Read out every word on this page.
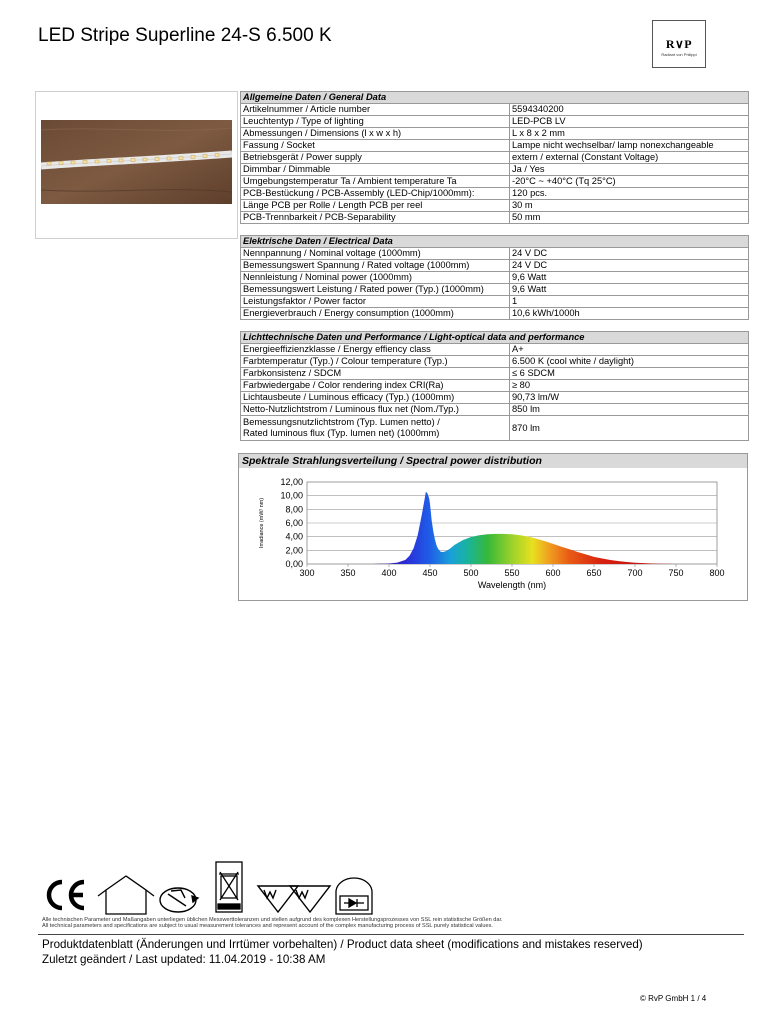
LED Stripe Superline 24-S 6.500 K	R∨P
Radiant von Philippi
Allgemeine Daten / General Data	
Artikelnummer / Article number	5594340200
Leuchtentyp / Type of lighting	LED-PCB LV
Abmessungen / Dimensions (l x w x h)	L x 8 x 2 mm
Fassung / Socket	Lampe nicht wechselbar/ lamp nonexchangeable
Betriebsgerät / Power supply	extern / external (Constant Voltage)
Dimmbar / Dimmable	Ja / Yes
Umgebungstemperatur Ta / Ambient temperature Ta	-20°C ~ +40°C (Tq 25°C)
PCB-Bestückung / PCB-Assembly (LED-Chip/1000mm):	120 pcs.
Länge PCB per Rolle / Length PCB per reel	30 m
PCB-Trennbarkeit / PCB-Separability	50 mm
Elektrische Daten / Electrical Data	
Nennpannung / Nominal voltage (1000mm)	24 V DC
Bemessungswert Spannung / Rated voltage (1000mm)	24 V DC
Nennleistung / Nominal power (1000mm)	9,6 Watt
Bemessungswert Leistung / Rated power (Typ.) (1000mm)	9,6 Watt
Leistungsfaktor / Power factor	1
Energieverbrauch / Energy consumption (1000mm)	10,6 kWh/1000h
Lichttechnische Daten und Performance / Light-optical data and performance	
Energieeffizienzklasse / Energy effiency class	A+
Farbtemperatur (Typ.) / Colour temperature (Typ.)	6.500 K (cool white / daylight)
Farbkonsistenz / SDCM	≤ 6 SDCM
Farbwiedergabe / Color rendering index CRI(Ra)	≥ 80
Lichtausbeute / Luminous efficacy (Typ.) (1000mm)	90,73 lm/W
Netto-Nutzlichtstrom / Luminous flux net (Nom./Typ.)	850 lm

Bemessungsnutzlichtstrom (Typ. Lumen netto) /
Rated luminous flux (Typ. lumen net) (1000mm)	870 lm
Spektrale Strahlungsverteilung / Spectral power distribution
0,00
2,00
4,00
6,00
8,00
10,00
12,00
300	350	400	450	500	550	600	650	700	750	800
Wavelength (nm)
Irradiance (mW/ nm)
Alle technischen Parameter und Maßangaben unterliegen üblichen Messwerttoleranzen und stellen aufgrund des komplexen Herstellungsprozesses von SSL rein statistische Größen dar.
All technical parameters and specifications are subject to usual measurement tolerances and represent account of the complex manufacturing process of SSL purely statistical values.
Produktdatenblatt (Änderungen und Irrtümer vorbehalten) / Product data sheet (modifications and mistakes reserved)
Zuletzt geändert / Last updated: 11.04.2019 - 10:38 AM
© RvP GmbH 1 / 4
